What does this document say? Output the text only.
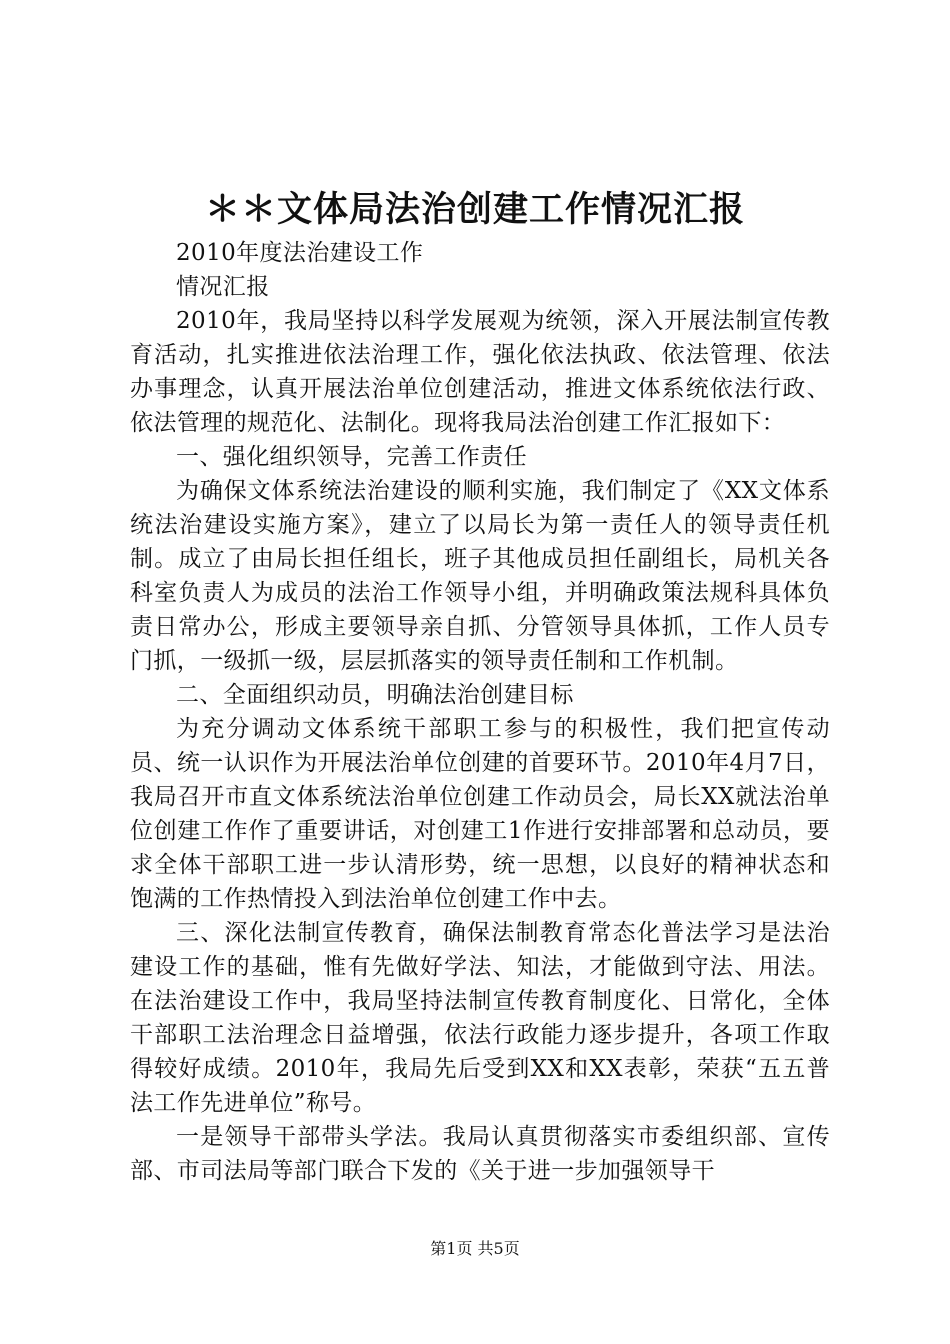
＊＊文体局法治创建工作情况汇报

2010年度法治建设工作

情况汇报

2010年，我局坚持以科学发展观为统领，深入开展法制宣传教育活动，扎实推进依法治理工作，强化依法执政、依法管理、依法办事理念，认真开展法治单位创建活动，推进文体系统依法行政、依法管理的规范化、法制化。现将我局法治创建工作汇报如下：

一、强化组织领导，完善工作责任

为确保文体系统法治建设的顺利实施，我们制定了《XX文体系统法治建设实施方案》，建立了以局长为第一责任人的领导责任机制。成立了由局长担任组长，班子其他成员担任副组长，局机关各科室负责人为成员的法治工作领导小组，并明确政策法规科具体负责日常办公，形成主要领导亲自抓、分管领导具体抓，工作人员专门抓，一级抓一级，层层抓落实的领导责任制和工作机制。

二、全面组织动员，明确法治创建目标

为充分调动文体系统干部职工参与的积极性，我们把宣传动员、统一认识作为开展法治单位创建的首要环节。2010年4月7日，我局召开市直文体系统法治单位创建工作动员会，局长XX就法治单位创建工作作了重要讲话，对创建工1作进行安排部署和总动员，要求全体干部职工进一步认清形势，统一思想，以良好的精神状态和饱满的工作热情投入到法治单位创建工作中去。

三、深化法制宣传教育，确保法制教育常态化普法学习是法治建设工作的基础，惟有先做好学法、知法，才能做到守法、用法。在法治建设工作中，我局坚持法制宣传教育制度化、日常化，全体干部职工法治理念日益增强，依法行政能力逐步提升，各项工作取得较好成绩。2010年，我局先后受到XX和XX表彰，荣获“五五普法工作先进单位”称号。

一是领导干部带头学法。我局认真贯彻落实市委组织部、宣传部、市司法局等部门联合下发的《关于进一步加强领导干

第1页 共5页
